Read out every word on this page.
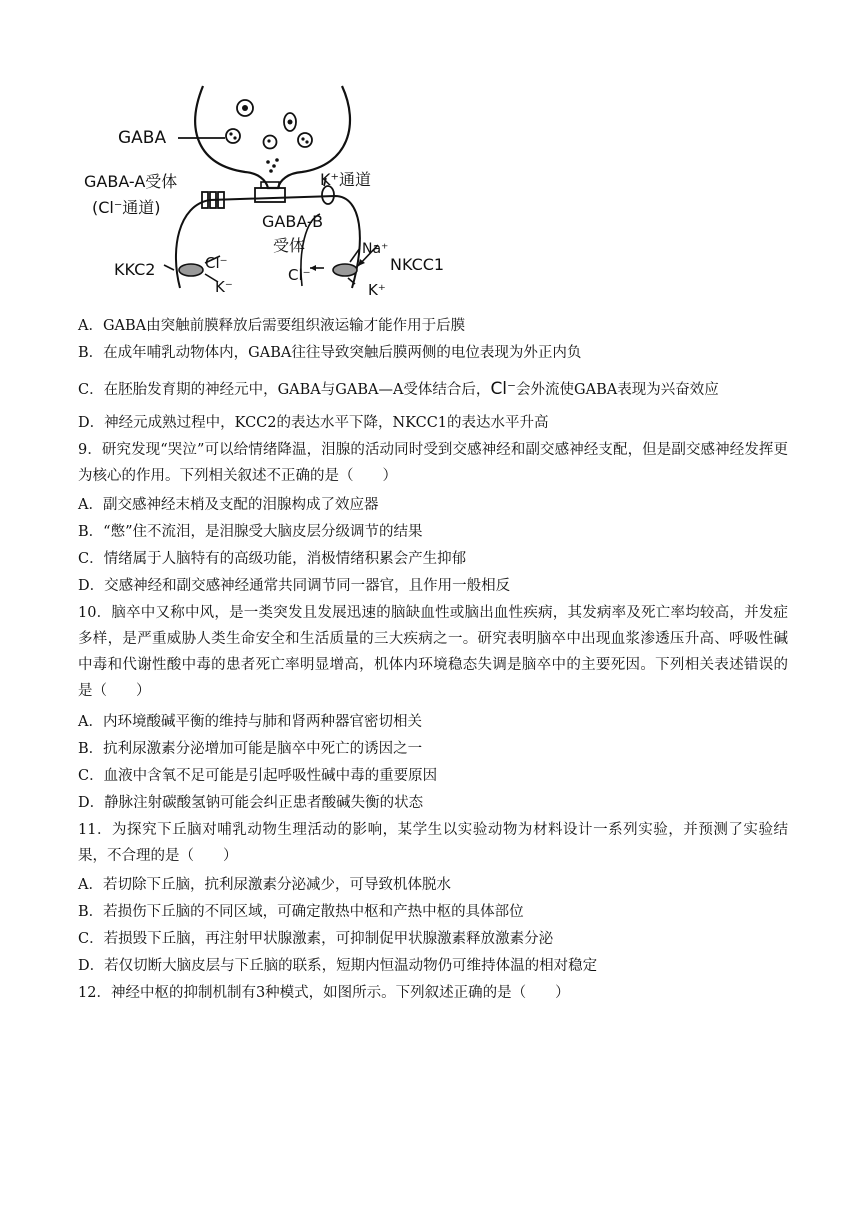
GABA
GABA-A受体
(Cl⁻通道)
K⁺通道
GABA-B
受体
KKC2	Cl⁻
K⁻
Na⁺
Cl⁻
K⁺
NKCC1
A．GABA由突触前膜释放后需要组织液运输才能作用于后膜
B．在成年哺乳动物体内，GABA往往导致突触后膜两侧的电位表现为外正内负
C．在胚胎发育期的神经元中，GABA与GABA—A受体结合后，Cl⁻会外流使GABA表现为兴奋效应
D．神经元成熟过程中，KCC2的表达水平下降，NKCC1的表达水平升高
9．研究发现“哭泣”可以给情绪降温，泪腺的活动同时受到交感神经和副交感神经支配，但是副交感神经发挥更为核心的作用。下列相关叙述不正确的是（　　）
A．副交感神经末梢及支配的泪腺构成了效应器
B．“憋”住不流泪，是泪腺受大脑皮层分级调节的结果
C．情绪属于人脑特有的高级功能，消极情绪积累会产生抑郁
D．交感神经和副交感神经通常共同调节同一器官，且作用一般相反
10．脑卒中又称中风，是一类突发且发展迅速的脑缺血性或脑出血性疾病，其发病率及死亡率均较高，并发症多样，是严重威胁人类生命安全和生活质量的三大疾病之一。研究表明脑卒中出现血浆渗透压升高、呼吸性碱中毒和代谢性酸中毒的患者死亡率明显增高，机体内环境稳态失调是脑卒中的主要死因。下列相关表述错误的是（　　）
A．内环境酸碱平衡的维持与肺和肾两种器官密切相关
B．抗利尿激素分泌增加可能是脑卒中死亡的诱因之一
C．血液中含氧不足可能是引起呼吸性碱中毒的重要原因
D．静脉注射碳酸氢钠可能会纠正患者酸碱失衡的状态
11．为探究下丘脑对哺乳动物生理活动的影响，某学生以实验动物为材料设计一系列实验，并预测了实验结果，不合理的是（　　）
A．若切除下丘脑，抗利尿激素分泌减少，可导致机体脱水
B．若损伤下丘脑的不同区域，可确定散热中枢和产热中枢的具体部位
C．若损毁下丘脑，再注射甲状腺激素，可抑制促甲状腺激素释放激素分泌
D．若仅切断大脑皮层与下丘脑的联系，短期内恒温动物仍可维持体温的相对稳定
12．神经中枢的抑制机制有3种模式，如图所示。下列叙述正确的是（　　）
